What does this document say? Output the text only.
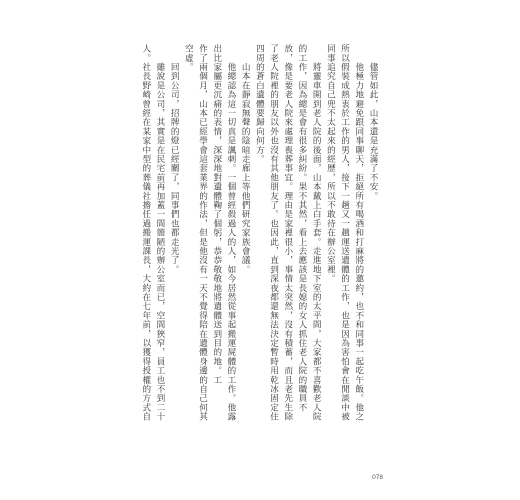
　　儘管如此，山本還是充滿了不安。
　　他極力地避免跟同事聊天，拒絕所有喝酒和打麻將的邀約，也不和同事一起吃午飯。他之
所以假裝成熱衷於工作的男人，接下一趟又一趟運送遺體的工作，也是因為害怕會在閒談中被
同事追究自己兜不太起來的經歷，所以不敢待在辦公室裡。
　　將靈車開到老人院的後面，山本戴上白手套。走進地下室的太平間，大家都不喜歡老人院
的工作，因為總是會有很多糾紛。果不其然，看上去應該是長媳的女人抓住老人院的職員不
放，像是要老人院來處理喪葬事宜。理由是家裡很小，事情太突然，沒有積蓄，而且老先生除
了老人院裡的朋友以外也沒有其他朋友了。也因此，直到深夜都還無法決定暫時用乾冰固定住
四周的蒼白遺體要歸向何方。
　　山本在靜寂無聲的陰暗走廊上等他們研究家族會議。
　　他總認為這一切真是諷刺。一個曾經殺過人的人，如今居然從事起搬運屍體的工作。他露
出比家屬更沉痛的表情，深深地對遺體鞠了個躬，恭恭敬敬地將遺體送到目的地。工
作了兩個月，山本已經學會這套業界的作法，但是他沒有一天不覺得陪在遺體身邊的自己何其
空虛。
　　回到公司，招牌的燈已經關了，同事們也都走光了。
　　雖說是公司，其實是在民宅前再加蓋一間簡陋的辦公室而已，空間狹窄，員工也不到二十
人。社長野崎曾經在某家中型的葬儀社擔任過搬運課長，大約在七年前，以獲得授權的方式自
078
